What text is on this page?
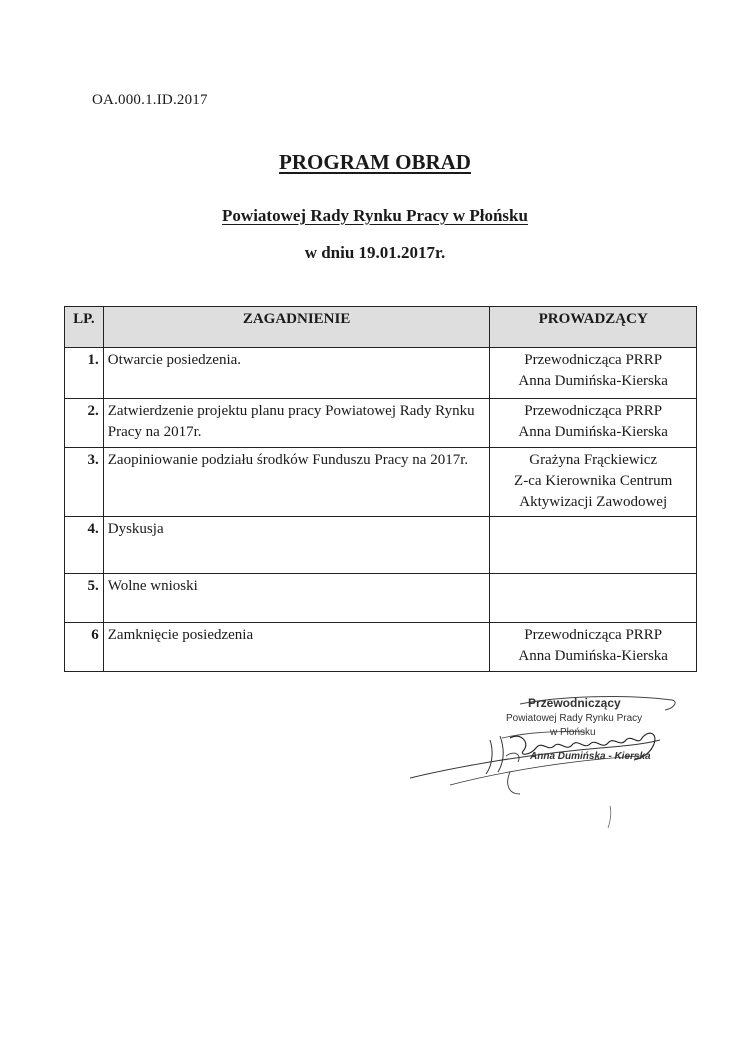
OA.000.1.ID.2017
PROGRAM OBRAD
Powiatowej Rady Rynku Pracy w Płońsku
w dniu 19.01.2017r.
LP.	ZAGADNIENIE	PROWADZĄCY
1.	Otwarcie posiedzenia.	Przewodnicząca PRRP
Anna Dumińska-Kierska

2.	Zatwierdzenie projektu planu pracy Powiatowej Rady Rynku Pracy na 2017r.	Przewodnicząca PRRP
Anna Dumińska-Kierska

3.	Zaopiniowanie podziału środków Funduszu Pracy na 2017r.	Grażyna Frąckiewicz
Z-ca Kierownika Centrum
Aktywizacji Zawodowej

4.	Dyskusja	
5.	Wolne wnioski	
6	Zamknięcie posiedzenia	Przewodnicząca PRRP
Anna Dumińska-Kierska
Przewodniczący
Powiatowej Rady Rynku Pracy
w Płońsku
Anna Dumińska - Kierska
